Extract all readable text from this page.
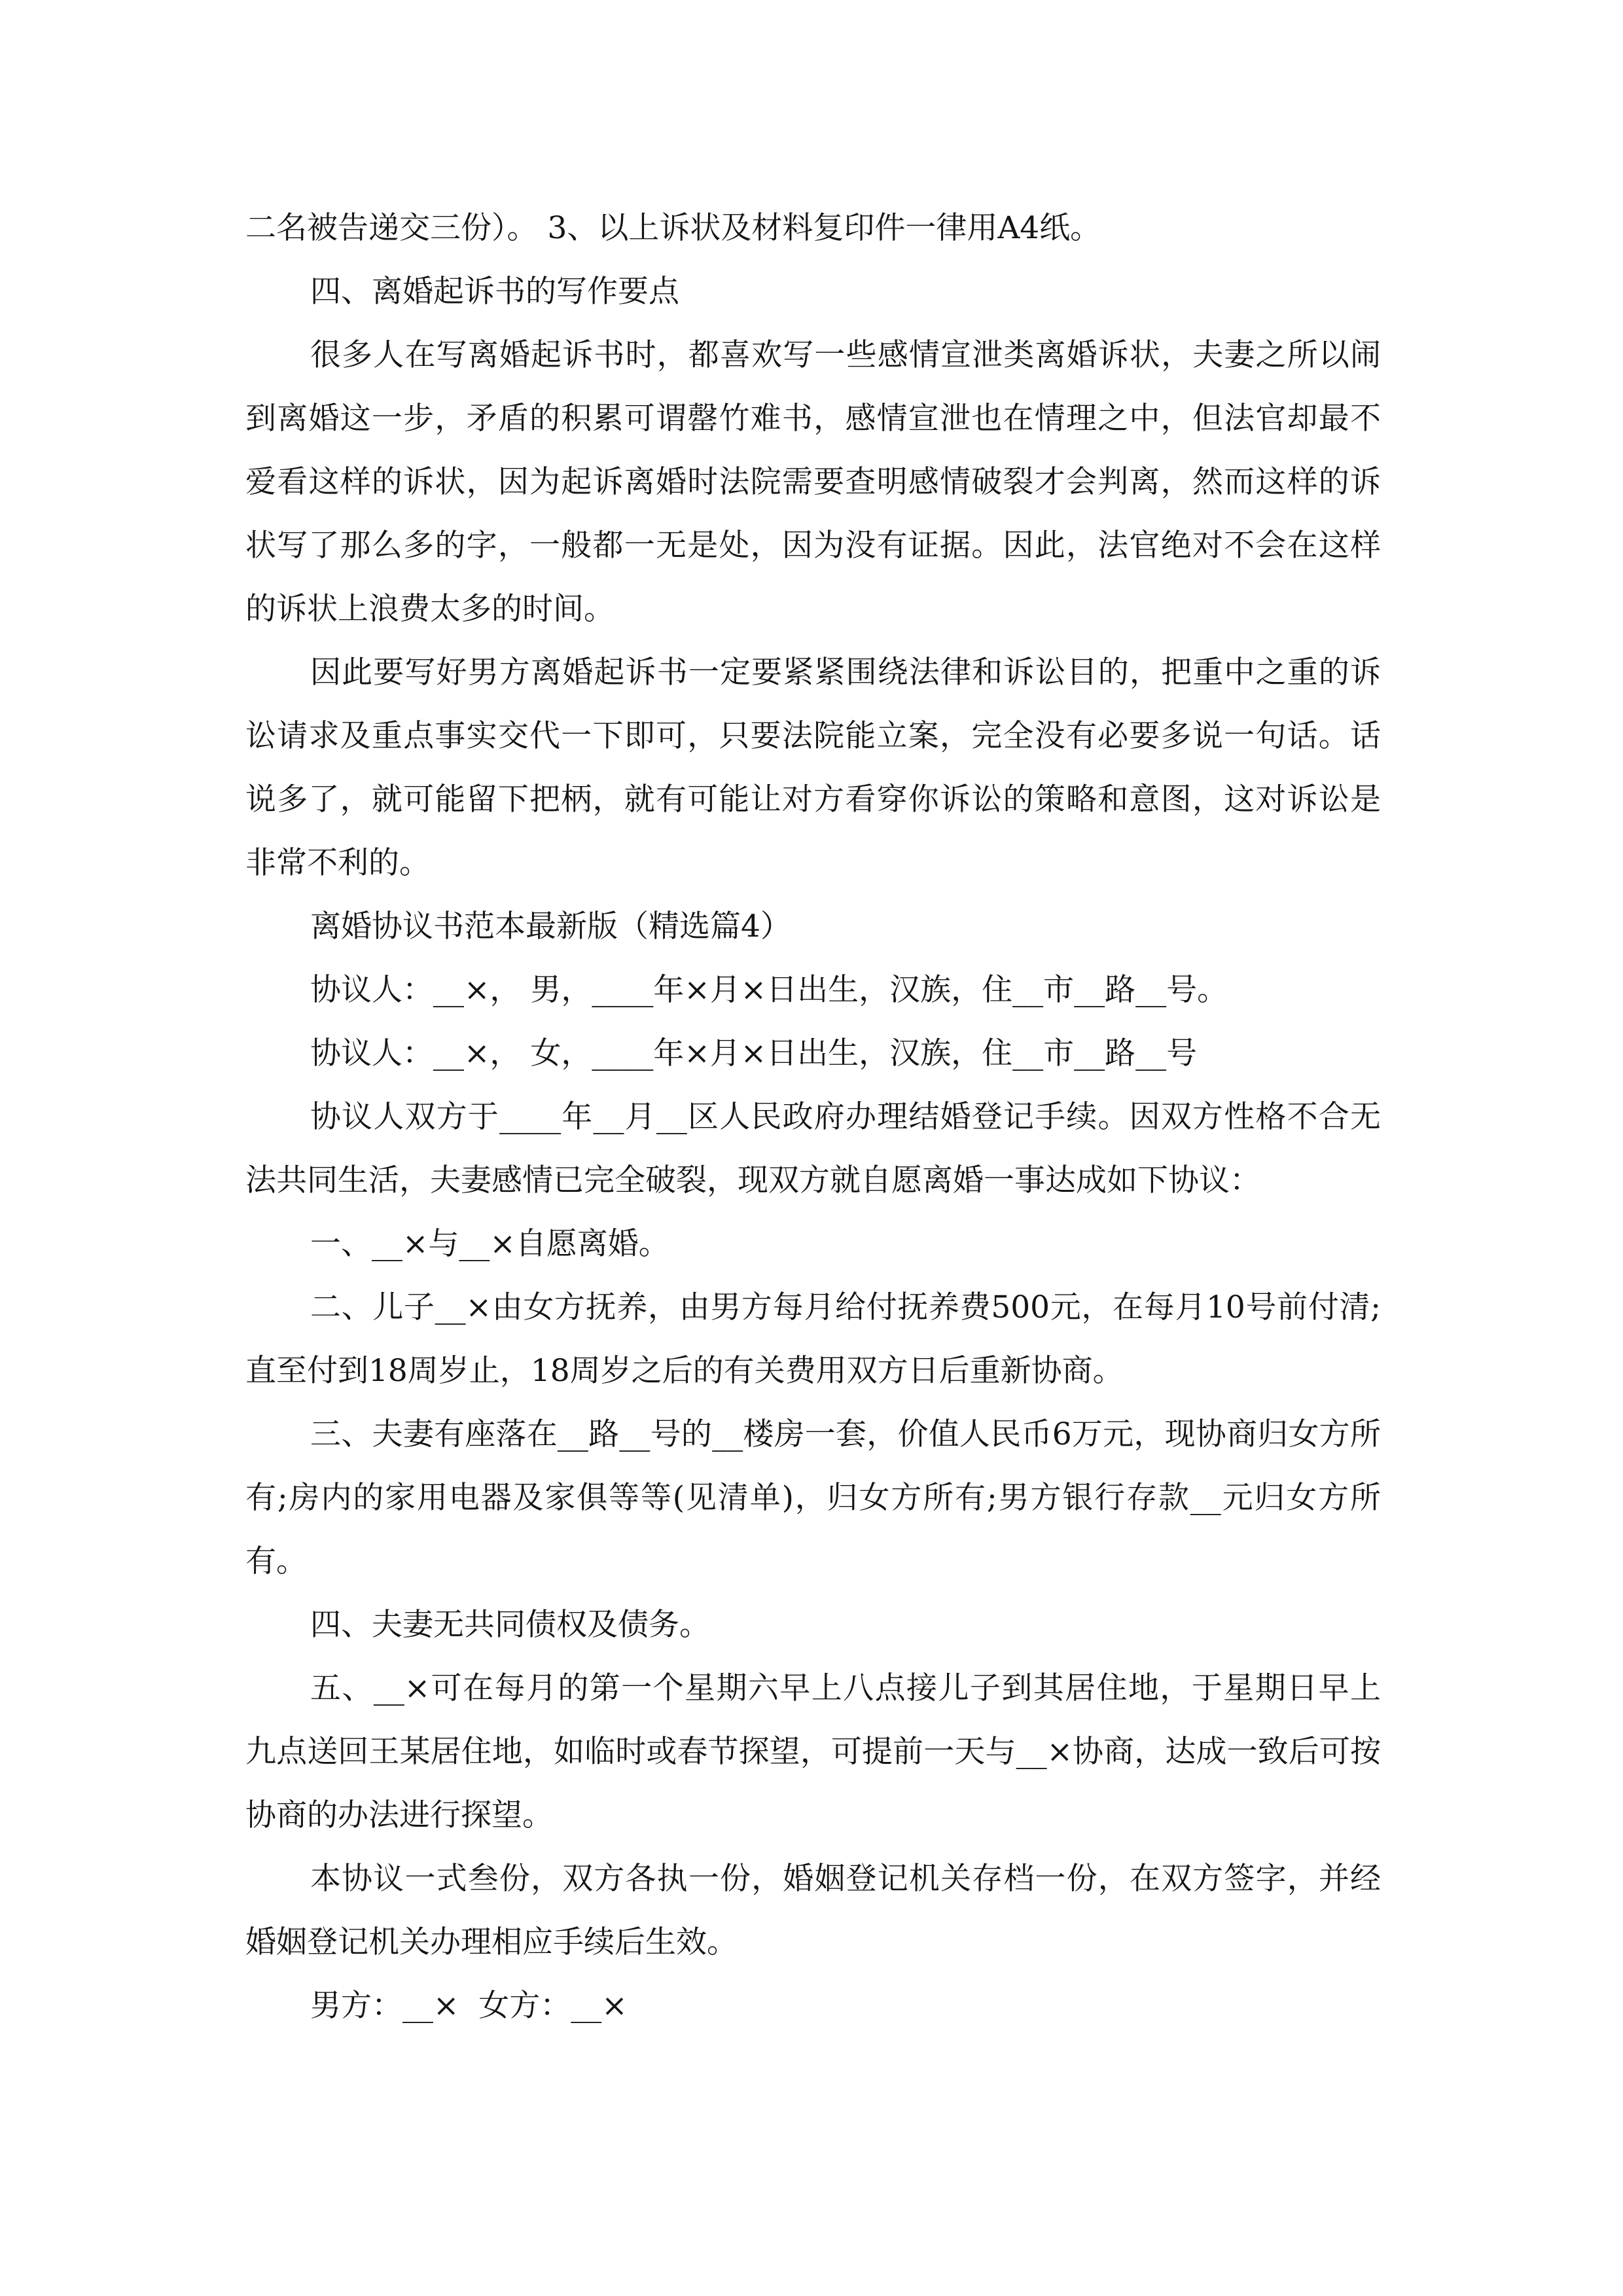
二名被告递交三份）。 3、以上诉状及材料复印件一律用A4纸。

四、离婚起诉书的写作要点

很多人在写离婚起诉书时，都喜欢写一些感情宣泄类离婚诉状，夫妻之所以闹到离婚这一步，矛盾的积累可谓罄竹难书，感情宣泄也在情理之中，但法官却最不爱看这样的诉状，因为起诉离婚时法院需要查明感情破裂才会判离，然而这样的诉状写了那么多的字，一般都一无是处，因为没有证据。因此，法官绝对不会在这样的诉状上浪费太多的时间。

因此要写好男方离婚起诉书一定要紧紧围绕法律和诉讼目的，把重中之重的诉讼请求及重点事实交代一下即可，只要法院能立案，完全没有必要多说一句话。话说多了，就可能留下把柄，就有可能让对方看穿你诉讼的策略和意图，这对诉讼是非常不利的。

离婚协议书范本最新版（精选篇4）

协议人：__×， 男，____年×月×日出生，汉族，住__市__路__号。

协议人：__×， 女，____年×月×日出生，汉族，住__市__路__号

协议人双方于____年__月__区人民政府办理结婚登记手续。因双方性格不合无法共同生活，夫妻感情已完全破裂，现双方就自愿离婚一事达成如下协议：

一、__×与__×自愿离婚。

二、儿子__×由女方抚养，由男方每月给付抚养费500元，在每月10号前付清;直至付到18周岁止，18周岁之后的有关费用双方日后重新协商。

三、夫妻有座落在__路__号的__楼房一套，价值人民币6万元，现协商归女方所有;房内的家用电器及家俱等等(见清单)，归女方所有;男方银行存款__元归女方所有。

四、夫妻无共同债权及债务。

五、__×可在每月的第一个星期六早上八点接儿子到其居住地，于星期日早上九点送回王某居住地，如临时或春节探望，可提前一天与__×协商，达成一致后可按协商的办法进行探望。

本协议一式叁份，双方各执一份，婚姻登记机关存档一份，在双方签字，并经婚姻登记机关办理相应手续后生效。

男方：__×  女方：__×
